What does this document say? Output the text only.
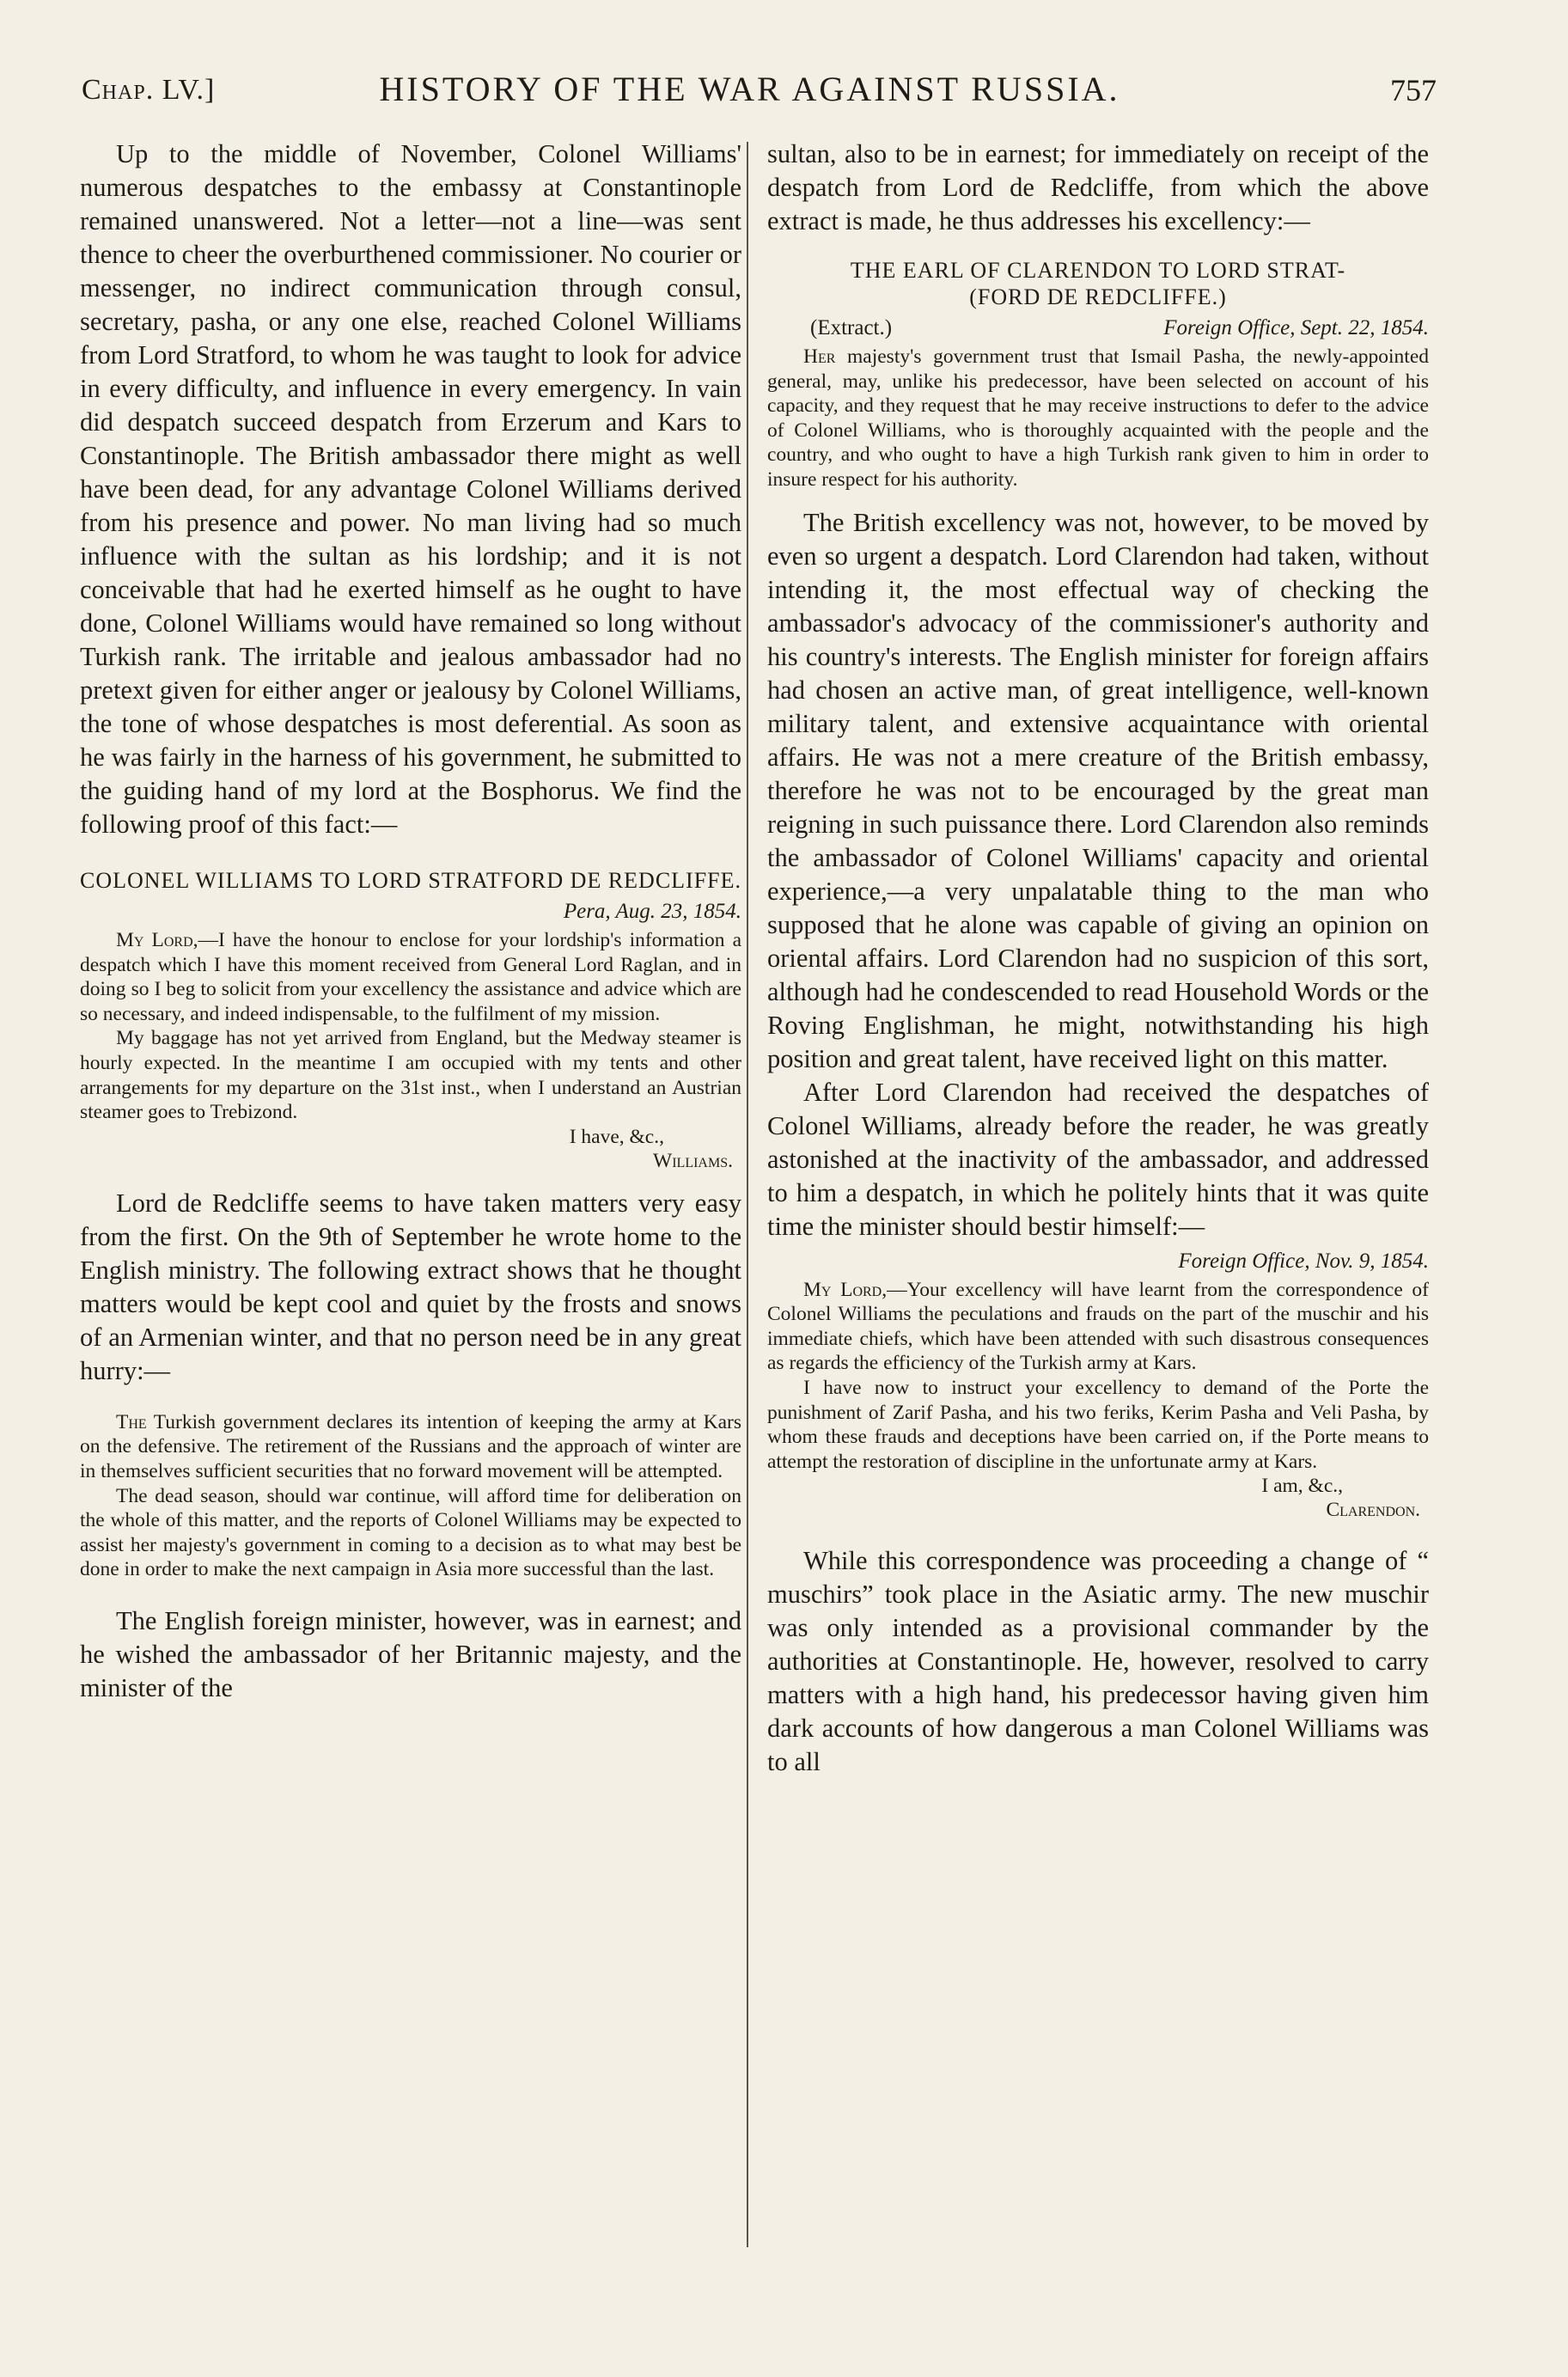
Chap. LV.]	HISTORY OF THE WAR AGAINST RUSSIA.	757

Up to the middle of November, Colonel Williams' numerous despatches to the embassy at Constantinople remained unanswered. Not a letter—not a line—was sent thence to cheer the overburthened commissioner. No courier or messenger, no indirect communication through consul, secretary, pasha, or any one else, reached Colonel Williams from Lord Stratford, to whom he was taught to look for advice in every difficulty, and influence in every emergency. In vain did despatch succeed despatch from Erzerum and Kars to Constantinople. The British ambassador there might as well have been dead, for any advantage Colonel Williams derived from his presence and power. No man living had so much influence with the sultan as his lordship; and it is not conceivable that had he exerted himself as he ought to have done, Colonel Williams would have remained so long without Turkish rank. The irritable and jealous ambassador had no pretext given for either anger or jealousy by Colonel Williams, the tone of whose despatches is most deferential. As soon as he was fairly in the harness of his government, he submitted to the guiding hand of my lord at the Bosphorus. We find the following proof of this fact:—

COLONEL WILLIAMS TO LORD STRATFORD DE REDCLIFFE.
Pera, Aug. 23, 1854.

My Lord,—I have the honour to enclose for your lordship's information a despatch which I have this moment received from General Lord Raglan, and in doing so I beg to solicit from your excellency the assistance and advice which are so necessary, and indeed indispensable, to the fulfilment of my mission.

My baggage has not yet arrived from England, but the Medway steamer is hourly expected. In the meantime I am occupied with my tents and other arrangements for my departure on the 31st inst., when I understand an Austrian steamer goes to Trebizond.

I have, &c.,
Williams.

Lord de Redcliffe seems to have taken matters very easy from the first. On the 9th of September he wrote home to the English ministry. The following extract shows that he thought matters would be kept cool and quiet by the frosts and snows of an Armenian winter, and that no person need be in any great hurry:—

The Turkish government declares its intention of keeping the army at Kars on the defensive. The retirement of the Russians and the approach of winter are in themselves sufficient securities that no forward movement will be attempted.

The dead season, should war continue, will afford time for deliberation on the whole of this matter, and the reports of Colonel Williams may be expected to assist her majesty's government in coming to a decision as to what may best be done in order to make the next campaign in Asia more successful than the last.

The English foreign minister, however, was in earnest; and he wished the ambassador of her Britannic majesty, and the minister of the

sultan, also to be in earnest; for immediately on receipt of the despatch from Lord de Redcliffe, from which the above extract is made, he thus addresses his excellency:—

THE EARL OF CLARENDON TO LORD STRAT-
(FORD DE REDCLIFFE.)
(Extract.)	Foreign Office, Sept. 22, 1854.

Her majesty's government trust that Ismail Pasha, the newly-appointed general, may, unlike his predecessor, have been selected on account of his capacity, and they request that he may receive instructions to defer to the advice of Colonel Williams, who is thoroughly acquainted with the people and the country, and who ought to have a high Turkish rank given to him in order to insure respect for his authority.

The British excellency was not, however, to be moved by even so urgent a despatch. Lord Clarendon had taken, without intending it, the most effectual way of checking the ambassador's advocacy of the commissioner's authority and his country's interests. The English minister for foreign affairs had chosen an active man, of great intelligence, well-known military talent, and extensive acquaintance with oriental affairs. He was not a mere creature of the British embassy, therefore he was not to be encouraged by the great man reigning in such puissance there. Lord Clarendon also reminds the ambassador of Colonel Williams' capacity and oriental experience,—a very unpalatable thing to the man who supposed that he alone was capable of giving an opinion on oriental affairs. Lord Clarendon had no suspicion of this sort, although had he condescended to read Household Words or the Roving Englishman, he might, notwithstanding his high position and great talent, have received light on this matter.

After Lord Clarendon had received the despatches of Colonel Williams, already before the reader, he was greatly astonished at the inactivity of the ambassador, and addressed to him a despatch, in which he politely hints that it was quite time the minister should bestir himself:—

Foreign Office, Nov. 9, 1854.

My Lord,—Your excellency will have learnt from the correspondence of Colonel Williams the peculations and frauds on the part of the muschir and his immediate chiefs, which have been attended with such disastrous consequences as regards the efficiency of the Turkish army at Kars.

I have now to instruct your excellency to demand of the Porte the punishment of Zarif Pasha, and his two feriks, Kerim Pasha and Veli Pasha, by whom these frauds and deceptions have been carried on, if the Porte means to attempt the restoration of discipline in the unfortunate army at Kars.

I am, &c.,
Clarendon.

While this correspondence was proceeding a change of “ muschirs” took place in the Asiatic army. The new muschir was only intended as a provisional commander by the authorities at Constantinople. He, however, resolved to carry matters with a high hand, his predecessor having given him dark accounts of how dangerous a man Colonel Williams was to all
